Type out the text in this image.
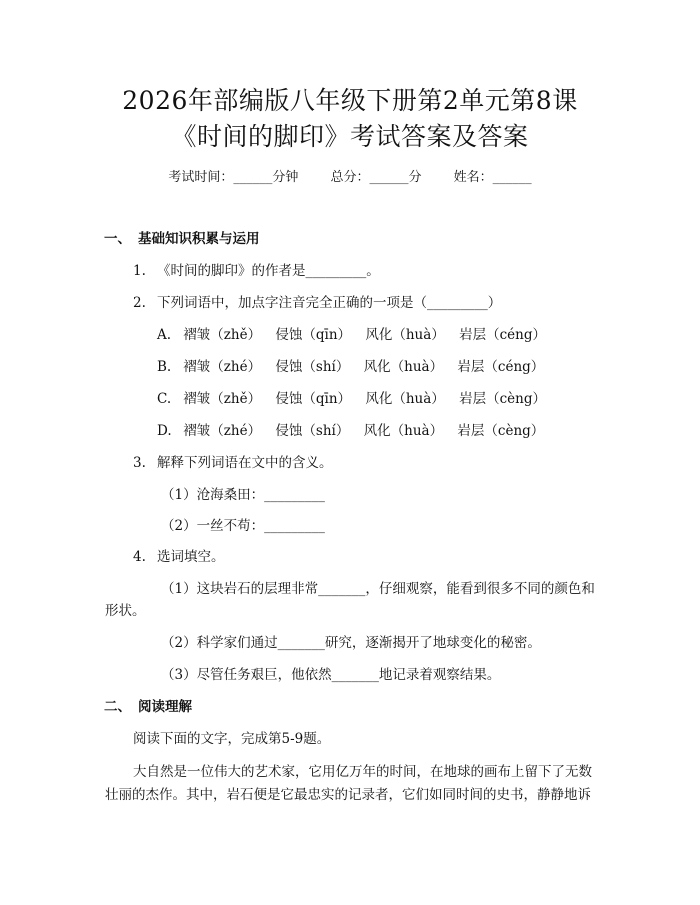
2026年部编版八年级下册第2单元第8课
《时间的脚印》考试答案及答案
考试时间：______分钟 总分：______分 姓名：______
一、 基础知识积累与运用
1. 《时间的脚印》的作者是_________。
2. 下列词语中，加点字注音完全正确的一项是（_________）
A. 褶皱（zhě） 侵蚀（qīn） 风化（huà） 岩层（céng）
B. 褶皱（zhé） 侵蚀（shí） 风化（huà） 岩层（céng）
C. 褶皱（zhě） 侵蚀（qīn） 风化（huà） 岩层（cèng）
D. 褶皱（zhé） 侵蚀（shí） 风化（huà） 岩层（cèng）
3. 解释下列词语在文中的含义。
（1）沧海桑田：_________
（2）一丝不苟：_________
4. 选词填空。
（1）这块岩石的层理非常_______，仔细观察，能看到很多不同的颜色和
形状。
（2）科学家们通过_______研究，逐渐揭开了地球变化的秘密。
（3）尽管任务艰巨，他依然_______地记录着观察结果。
二、 阅读理解
阅读下面的文字，完成第5-9题。
大自然是一位伟大的艺术家，它用亿万年的时间，在地球的画布上留下了无数
壮丽的杰作。其中，岩石便是它最忠实的记录者，它们如同时间的史书，静静地诉
